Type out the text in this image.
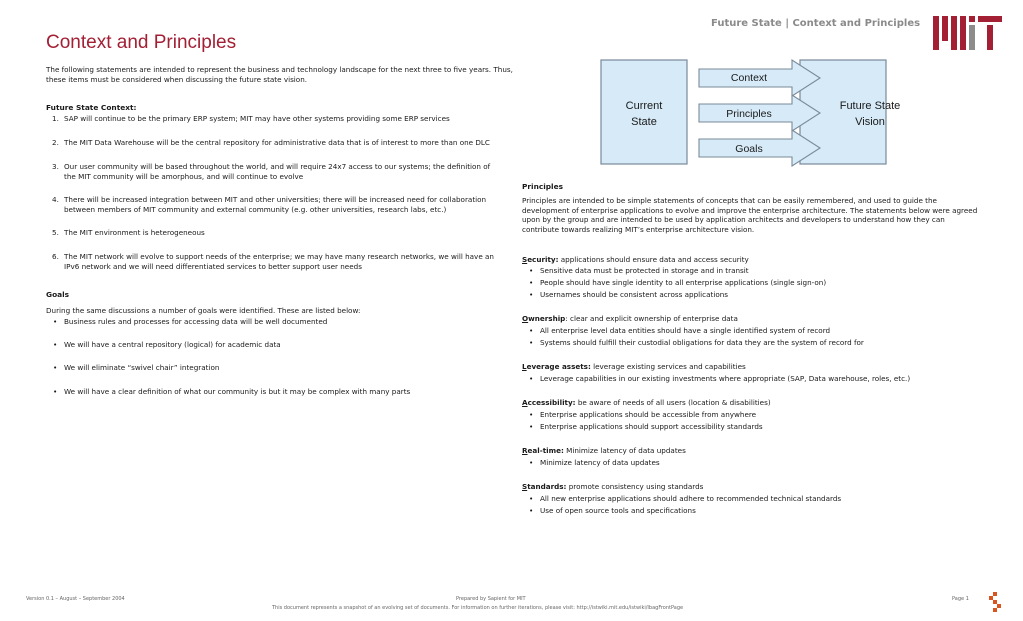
Future State | Context and Principles
Context and Principles
The following statements are intended to represent the business and technology landscape for the next three to five years. Thus, these items must be considered when discussing the future state vision.
Future State Context:
1. SAP will continue to be the primary ERP system; MIT may have other systems providing some ERP services
2. The MIT Data Warehouse will be the central repository for administrative data that is of interest to more than one DLC
3. Our user community will be based throughout the world, and will require 24x7 access to our systems; the definition of the MIT community will be amorphous, and will continue to evolve
4. There will be increased integration between MIT and other universities; there will be increased need for collaboration between members of MIT community and external community (e.g. other universities, research labs, etc.)
5. The MIT environment is heterogeneous
6. The MIT network will evolve to support needs of the enterprise; we may have many research networks, we will have an IPv6 network and we will need differentiated services to better support user needs
Goals
During the same discussions a number of goals were identified. These are listed below:
• Business rules and processes for accessing data will be well documented
• We will have a central repository (logical) for academic data
• We will eliminate “swivel chair” integration
• We will have a clear definition of what our community is but it may be complex with many parts
Current
State
Future State
Vision
Context
Principles
Goals
Principles
Principles are intended to be simple statements of concepts that can be easily remembered, and used to guide the development of enterprise applications to evolve and improve the enterprise architecture. The statements below were agreed upon by the group and are intended to be used by application architects and developers to understand how they can contribute towards realizing MIT’s enterprise architecture vision.
Security: applications should ensure data and access security
• Sensitive data must be protected in storage and in transit
• People should have single identity to all enterprise applications (single sign-on)
• Usernames should be consistent across applications
Ownership: clear and explicit ownership of enterprise data
• All enterprise level data entities should have a single identified system of record
• Systems should fulfill their custodial obligations for data they are the system of record for
Leverage assets: leverage existing services and capabilities
• Leverage capabilities in our existing investments where appropriate (SAP, Data warehouse, roles, etc.)
Accessibility: be aware of needs of all users (location & disabilities)
• Enterprise applications should be accessible from anywhere
• Enterprise applications should support accessibility standards
Real-time: Minimize latency of data updates
• Minimize latency of data updates
Standards: promote consistency using standards
• All new enterprise applications should adhere to recommended technical standards
• Use of open source tools and specifications
Version 0.1 – August – September 2004	Prepared by Sapient for MIT
This document represents a snapshot of an evolving set of documents. For information on further iterations, please visit: http://istwiki.mit.edu/istwiki/IbagFrontPage
Page 1
